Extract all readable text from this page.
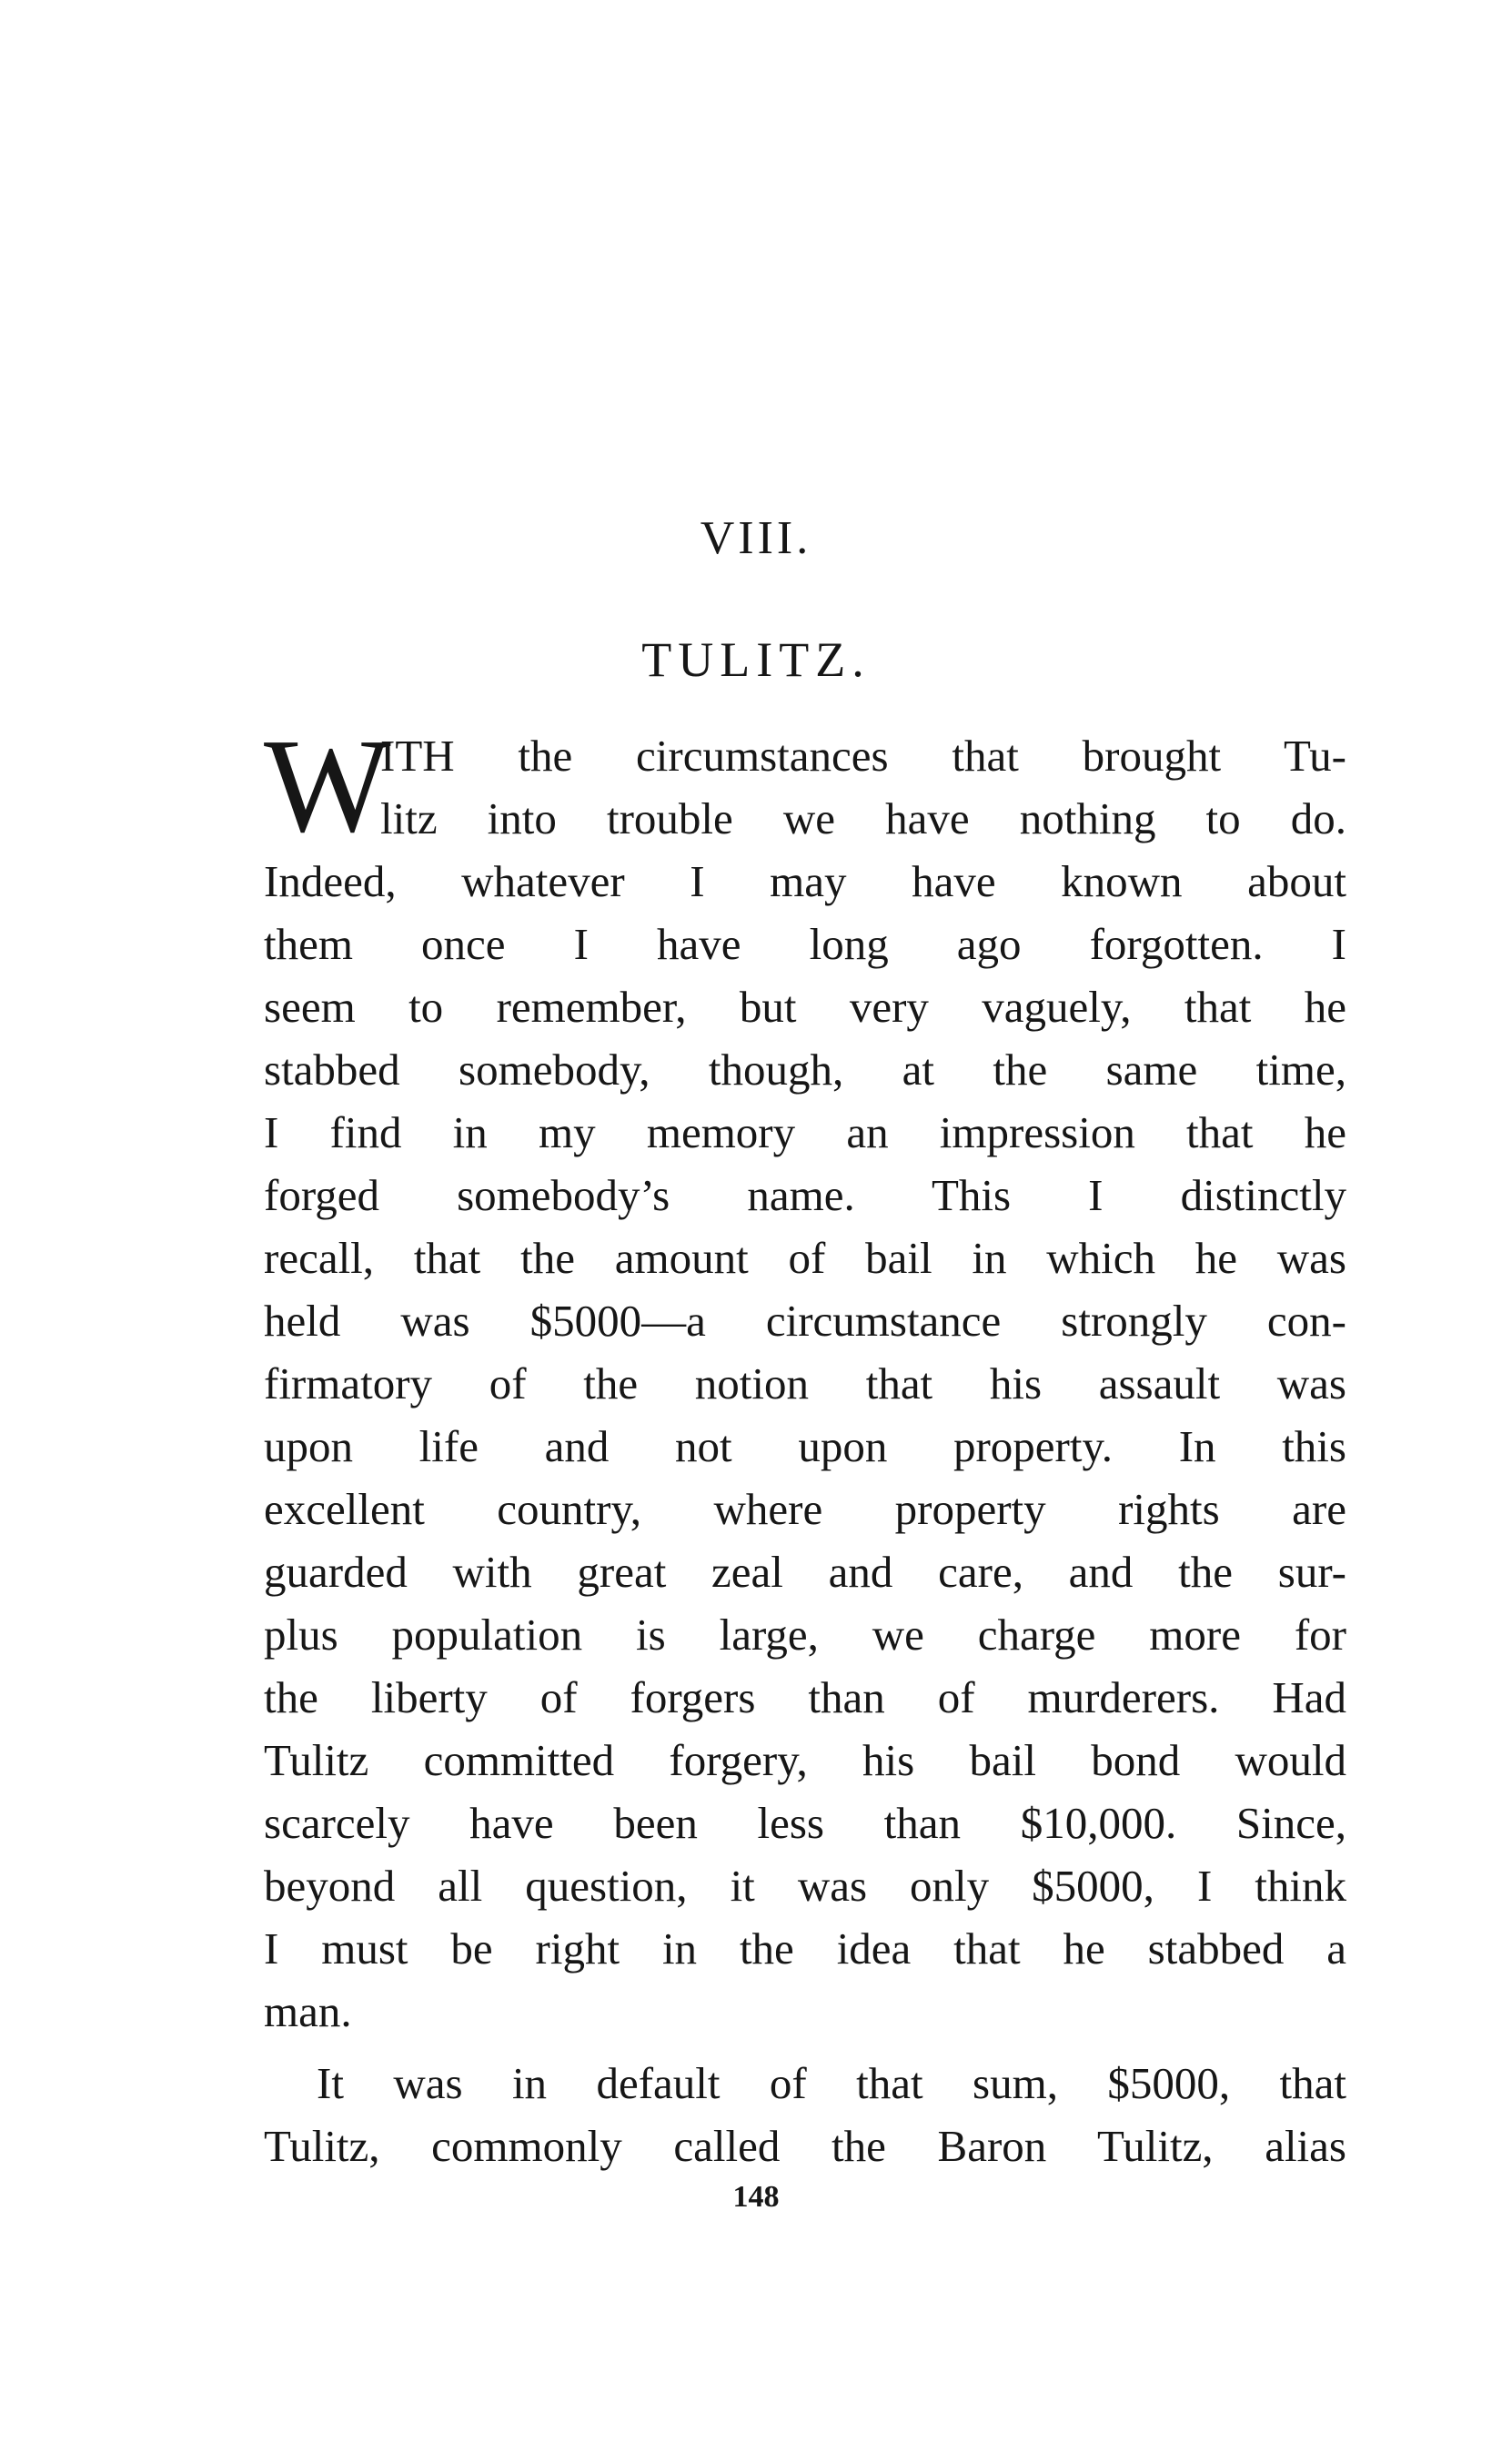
VIII.
TULITZ.
W
ITH the circumstances that brought Tu-
litz into trouble we have nothing to do.
Indeed, whatever I may have known about
them once I have long ago forgotten. I
seem to remember, but very vaguely, that he
stabbed somebody, though, at the same time,
I find in my memory an impression that he
forged somebody’s name. This I distinctly
recall, that the amount of bail in which he was
held was $5000—a circumstance strongly con-
firmatory of the notion that his assault was
upon life and not upon property. In this
excellent country, where property rights are
guarded with great zeal and care, and the sur-
plus population is large, we charge more for
the liberty of forgers than of murderers. Had
Tulitz committed forgery, his bail bond would
scarcely have been less than $10,000. Since,
beyond all question, it was only $5000, I think
I must be right in the idea that he stabbed a
man.
It was in default of that sum, $5000, that
Tulitz, commonly called the Baron Tulitz, alias
148
